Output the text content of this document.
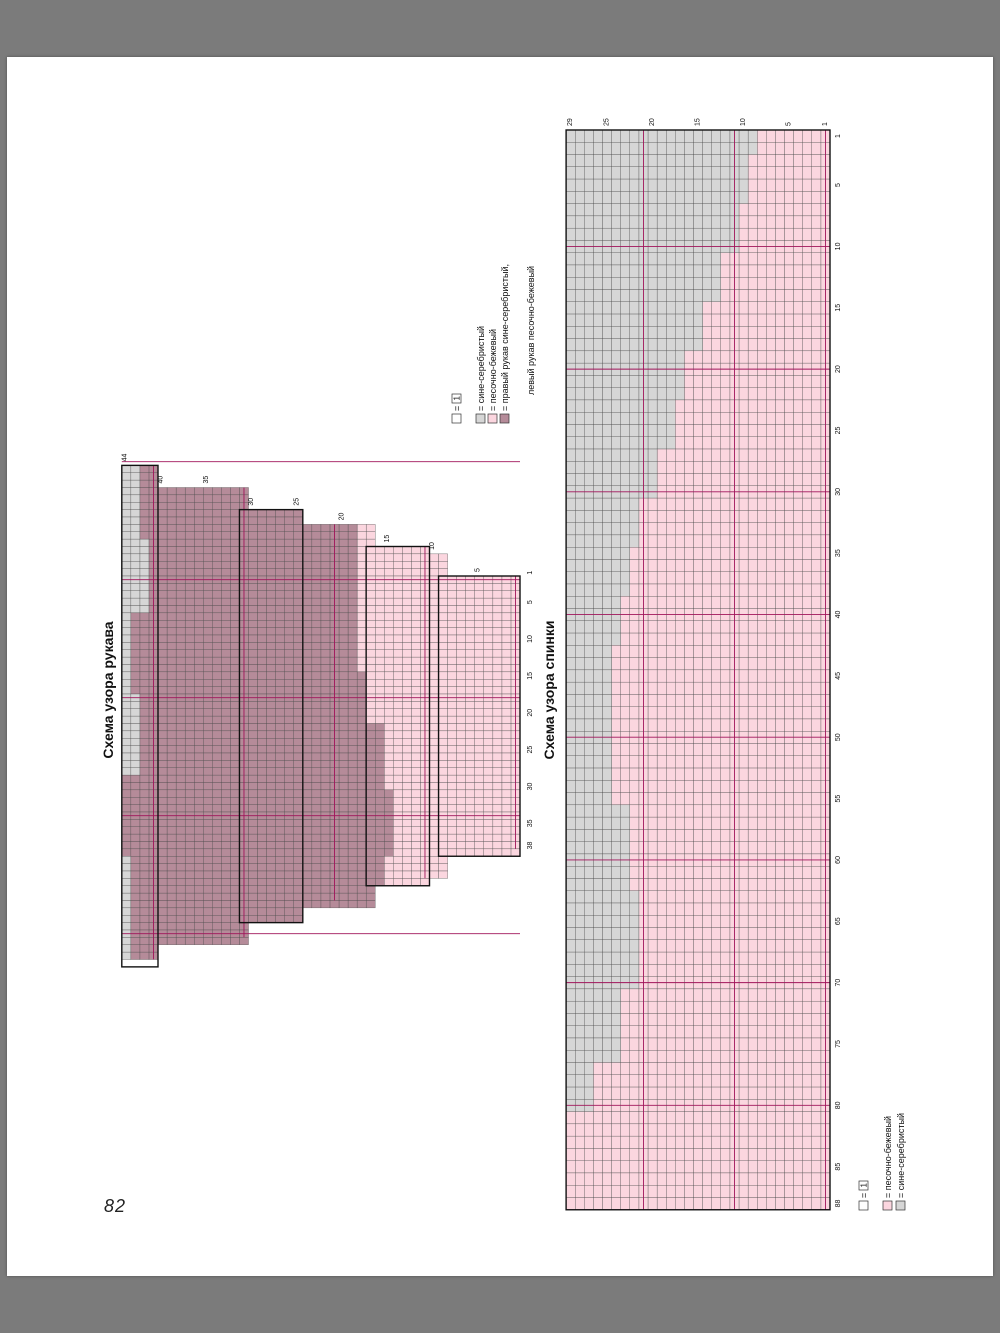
82
1
5
10
15
20
25
30
35
38
5
10
15
20
25
30
35
40
44
1
5
10
15
20
25
30
35
40
45
50
55
60
65
70
75
80
85
88
1
5
10
15
20
25
29
Схема узора рукава	Схема узора спинки
=
1 = сине-серебристый = песочно-бежевый = правый рукав сине-серебристый, левый рукав песочно-бежевый
=
1 = песочно-бежевый = сине-серебристый
